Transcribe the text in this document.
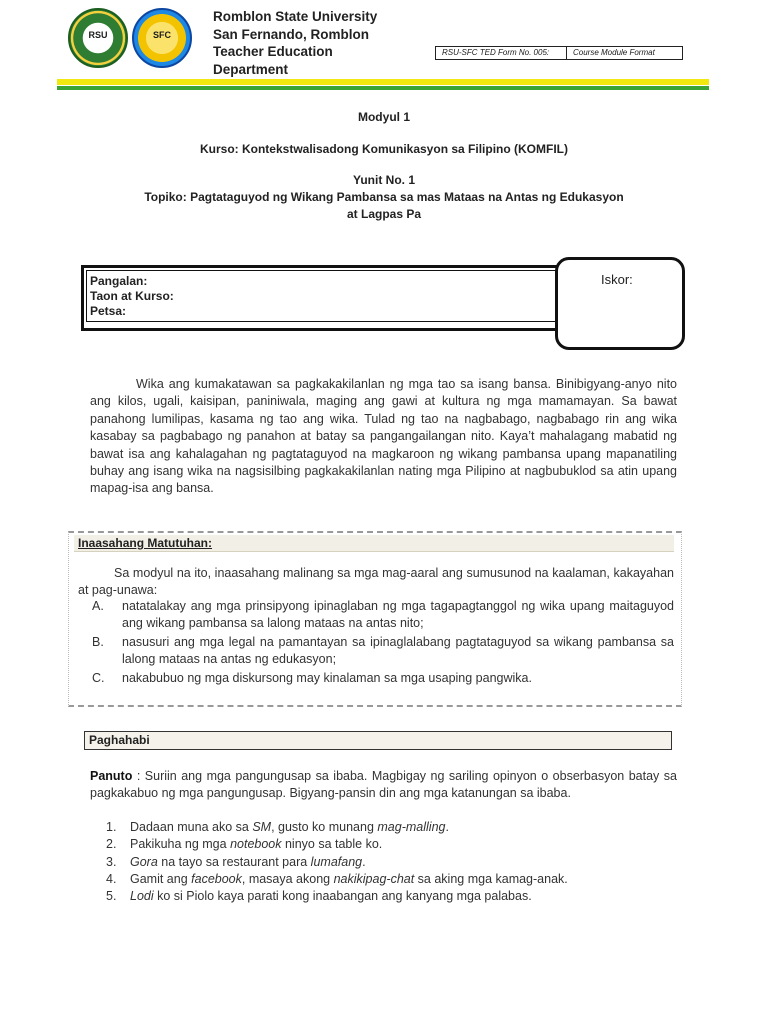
RSU	SFC
Romblon State University
San Fernando, Romblon
Teacher Education
Department
RSU-SFC TED Form No. 005:	Course Module Format
Modyul 1
Kurso: Kontekstwalisadong Komunikasyon sa Filipino (KOMFIL)
Yunit No. 1
Topiko: Pagtataguyod ng Wikang Pambansa sa mas Mataas na Antas ng Edukasyon
at Lagpas Pa
Pangalan:
Taon at Kurso:
Petsa:
Iskor:
Wika ang kumakatawan sa pagkakakilanlan ng mga tao sa isang bansa. Binibigyang-anyo nito ang kilos, ugali, kaisipan, paniniwala, maging ang gawi at kultura ng mga mamamayan. Sa bawat panahong lumilipas, kasama ng tao ang wika. Tulad ng tao na nagbabago, nagbabago rin ang wika kasabay sa pagbabago ng panahon at batay sa pangangailangan nito. Kaya’t mahalagang mabatid ng bawat isa ang kahalagahan ng pagtataguyod na magkaroon ng wikang pambansa upang mapanatiling buhay ang isang wika na nagsisilbing pagkakakilanlan nating mga Pilipino at nagbubuklod sa atin upang mapag-isa ang bansa.
Inaasahang Matutuhan:
Sa modyul na ito, inaasahang malinang sa mga mag-aaral ang sumusunod na kaalaman, kakayahan at pag-unawa:
A.	natatalakay ang mga prinsipyong ipinaglaban ng mga tagapagtanggol ng wika upang maitaguyod ang wikang pambansa sa lalong mataas na antas nito;
B.	nasusuri ang mga legal na pamantayan sa ipinaglalabang pagtataguyod sa wikang pambansa sa lalong mataas na antas ng edukasyon;
C.	nakabubuo ng mga diskursong may kinalaman sa mga usaping pangwika.
Paghahabi
Panuto : Suriin ang mga pangungusap sa ibaba. Magbigay ng sariling opinyon o obserbasyon batay sa pagkakabuo ng mga pangungusap. Bigyang-pansin din ang mga katanungan sa ibaba.
1.	Dadaan muna ako sa SM, gusto ko munang mag-malling.
2.	Pakikuha ng mga notebook ninyo sa table ko.
3.	Gora na tayo sa restaurant para lumafang.
4.	Gamit ang facebook, masaya akong nakikipag-chat sa aking mga kamag-anak.
5.	Lodi ko si Piolo kaya parati kong inaabangan ang kanyang mga palabas.
